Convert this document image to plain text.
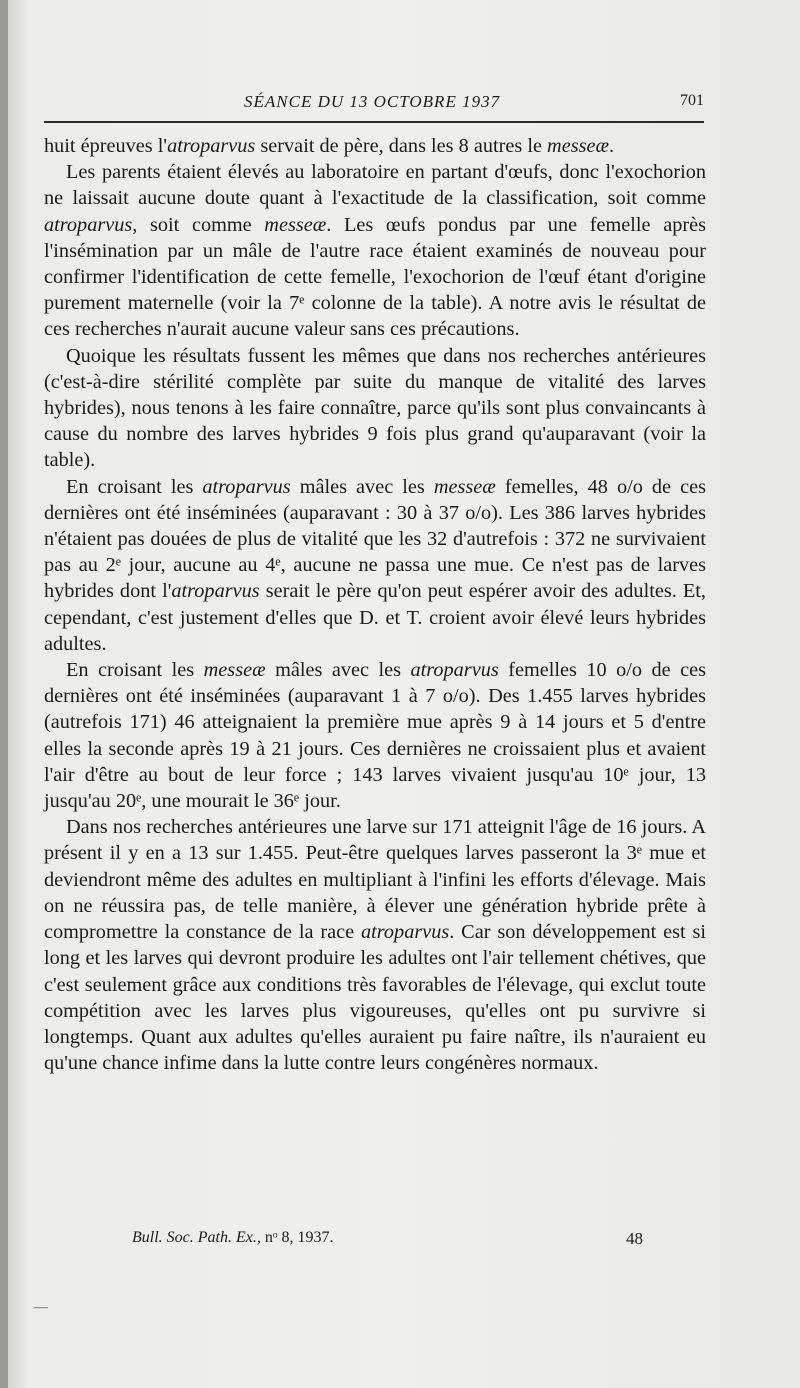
SÉANCE DU 13 OCTOBRE 1937	701

huit épreuves l'atroparvus servait de père, dans les 8 autres le messeæ.

Les parents étaient élevés au laboratoire en partant d'œufs, donc l'exochorion ne laissait aucune doute quant à l'exactitude de la classification, soit comme atroparvus, soit comme messeæ. Les œufs pondus par une femelle après l'insémination par un mâle de l'autre race étaient examinés de nouveau pour confirmer l'identification de cette femelle, l'exochorion de l'œuf étant d'origine purement maternelle (voir la 7ᵉ colonne de la table). A notre avis le résultat de ces recherches n'aurait aucune valeur sans ces précautions.

Quoique les résultats fussent les mêmes que dans nos recherches antérieures (c'est-à-dire stérilité complète par suite du manque de vitalité des larves hybrides), nous tenons à les faire connaître, parce qu'ils sont plus convaincants à cause du nombre des larves hybrides 9 fois plus grand qu'auparavant (voir la table).

En croisant les atroparvus mâles avec les messeæ femelles, 48 o/o de ces dernières ont été inséminées (auparavant : 30 à 37 o/o). Les 386 larves hybrides n'étaient pas douées de plus de vitalité que les 32 d'autrefois : 372 ne survivaient pas au 2ᵉ jour, aucune au 4ᵉ, aucune ne passa une mue. Ce n'est pas de larves hybrides dont l'atroparvus serait le père qu'on peut espérer avoir des adultes. Et, cependant, c'est justement d'elles que D. et T. croient avoir élevé leurs hybrides adultes.

En croisant les messeæ mâles avec les atroparvus femelles 10 o/o de ces dernières ont été inséminées (auparavant 1 à 7 o/o). Des 1.455 larves hybrides (autrefois 171) 46 atteignaient la première mue après 9 à 14 jours et 5 d'entre elles la seconde après 19 à 21 jours. Ces dernières ne croissaient plus et avaient l'air d'être au bout de leur force ; 143 larves vivaient jusqu'au 10ᵉ jour, 13 jusqu'au 20ᵉ, une mourait le 36ᵉ jour.

Dans nos recherches antérieures une larve sur 171 atteignit l'âge de 16 jours. A présent il y en a 13 sur 1.455. Peut-être quelques larves passeront la 3ᵉ mue et deviendront même des adultes en multipliant à l'infini les efforts d'élevage. Mais on ne réussira pas, de telle manière, à élever une génération hybride prête à compromettre la constance de la race atroparvus. Car son développement est si long et les larves qui devront produire les adultes ont l'air tellement chétives, que c'est seulement grâce aux conditions très favorables de l'élevage, qui exclut toute compétition avec les larves plus vigoureuses, qu'elles ont pu survivre si longtemps. Quant aux adultes qu'elles auraient pu faire naître, ils n'auraient eu qu'une chance infime dans la lutte contre leurs congénères normaux.

Bull. Soc. Path. Ex., nᵒ 8, 1937.	48
—
